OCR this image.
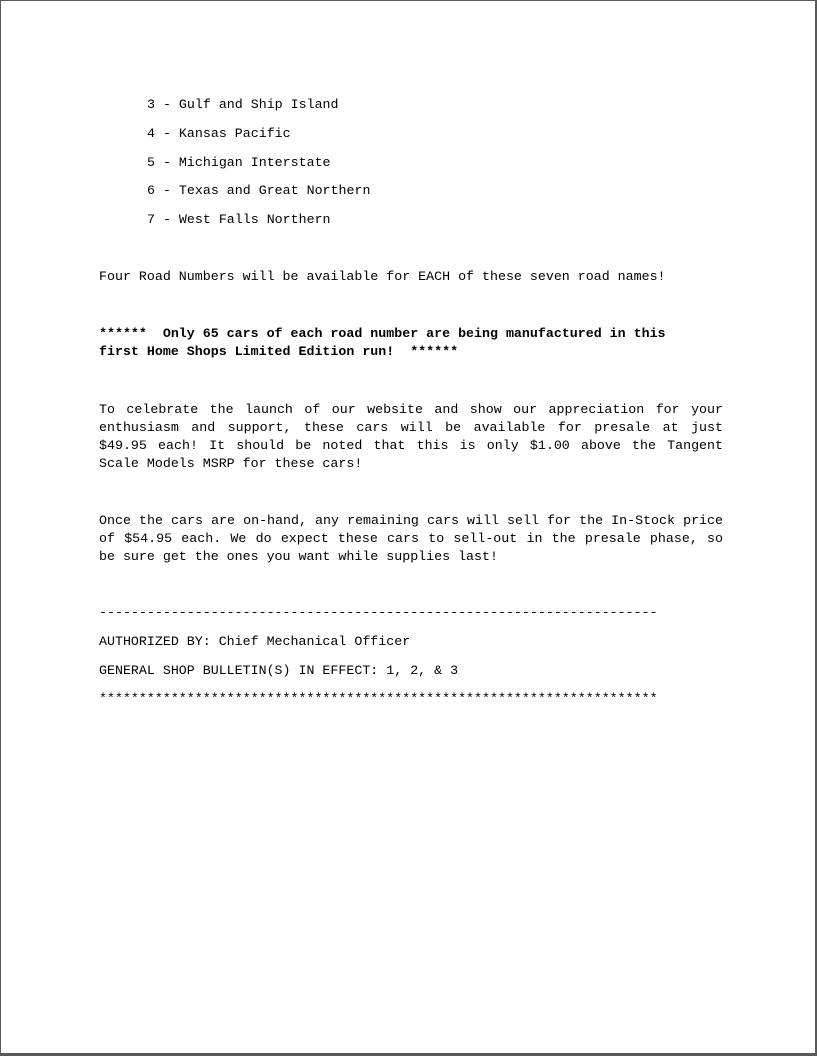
3 - Gulf and Ship Island

4 - Kansas Pacific

5 - Michigan Interstate

6 - Texas and Great Northern

7 - West Falls Northern

Four Road Numbers will be available for EACH of these seven road names!

******  Only 65 cars of each road number are being manufactured in this

first Home Shops Limited Edition run!  ******

To celebrate the launch of our website and show our appreciation for your enthusiasm and support, these cars will be available for presale at just $49.95 each! It should be noted that this is only $1.00 above the Tangent Scale Models MSRP for these cars!

Once the cars are on-hand, any remaining cars will sell for the In-Stock price of $54.95 each. We do expect these cars to sell-out in the presale phase, so be sure get the ones you want while supplies last!

----------------------------------------------------------------------

AUTHORIZED BY: Chief Mechanical Officer

GENERAL SHOP BULLETIN(S) IN EFFECT: 1, 2, & 3

**********************************************************************
